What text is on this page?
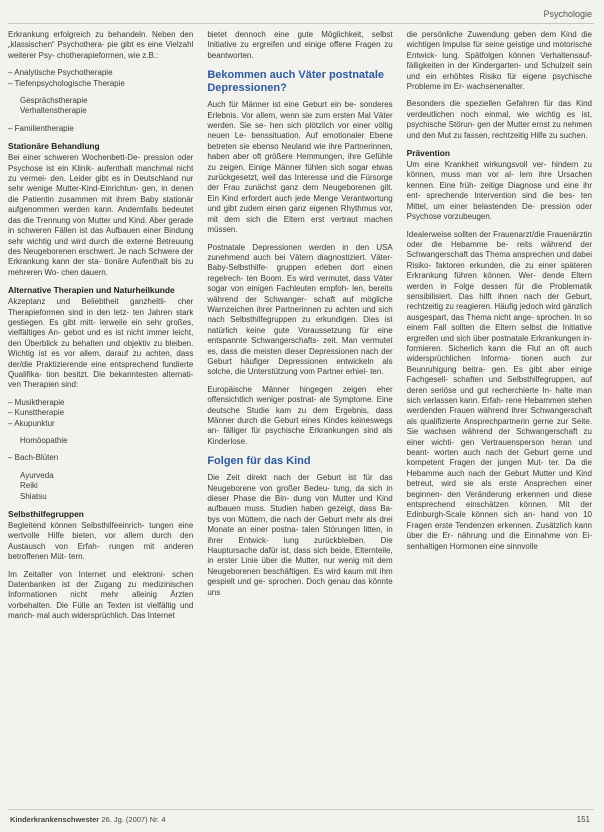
Psychologie

Erkrankung erfolgreich zu behandeln. Neben den „klassischen“ Psychothera- pie gibt es eine Vielzahl weiterer Psy- chotherapieformen, wie z.B.:

– Analytische Psychotherapie
– Tiefenpsychologische Therapie
Gesprächstherapie
Verhaltenstherapie
– Familientherapie
Stationäre Behandlung

Bei einer schweren Wochenbett-De- pression oder Psychose ist ein Klinik- aufenthalt manchmal nicht zu vermei- den. Leider gibt es in Deutschland nur sehr wenige Mutter-Kind-Einrichtun- gen, in denen die Patientin zusammen mit ihrem Baby stationär aufgenommen werden kann. Andernfalls bedeutet das die Trennung von Mutter und Kind. Aber gerade in schweren Fällen ist das Aufbauen einer Bindung sehr wichtig und wird durch die externe Betreuung des Neugeborenen erschwert. Je nach Schwere der Erkrankung kann der sta- tionäre Aufenthalt bis zu mehreren Wo- chen dauern.

Alternative Therapien und Naturheilkunde

Akzeptanz und Beliebtheit ganzheitli- cher Therapieformen sind in den letz- ten Jahren stark gestiegen. Es gibt mitt- lerweile ein sehr großes, vielfältiges An- gebot und es ist nicht immer leicht, den Überblick zu behalten und objektiv zu bleiben. Wichtig ist es vor allem, darauf zu achten, dass der/die Praktizierende eine entsprechend fundierte Qualifika- tion besitzt. Die bekanntesten alternati- ven Therapien sind:

– Musiktherapie
– Kunsttherapie
– Akupunktur
Homöopathie
– Bach-Blüten
Ayurveda
Reiki
Shiatsu
Selbsthilfegruppen

Begleitend können Selbsthilfeeinrich- tungen eine wertvolle Hilfe bieten, vor allem durch den Austausch von Erfah- rungen mit anderen betroffenen Müt- tern.

Im Zeitalter von Internet und elektroni- schen Datenbanken ist der Zugang zu medizinischen Informationen nicht mehr alleinig Ärzten vorbehalten. Die Fülle an Texten ist vielfältig und manch- mal auch widersprüchlich. Das Internet

bietet dennoch eine gute Möglichkeit, selbst Initiative zu ergreifen und einige offene Fragen zu beantworten.

Bekommen auch Väter postnatale Depressionen?

Auch für Männer ist eine Geburt ein be- sonderes Erlebnis. Vor allem, wenn sie zum ersten Mal Väter werden. Sie se- hen sich plötzlich vor einer völlig neuen Le- benssituation. Auf emotionaler Ebene betreten sie ebenso Neuland wie ihre Partnerinnen, haben aber oft größere Hemmungen, ihre Gefühle zu zeigen. Einige Männer fühlen sich sogar etwas zurückgesetzt, weil das Interesse und die Fürsorge der Frau zunächst ganz dem Neugeborenen gilt. Ein Kind erfordert auch jede Menge Verantwortung und gibt zudem einen ganz eigenen Rhythmus vor, mit dem sich die Eltern erst vertraut machen müssen.

Postnatale Depressionen werden in den USA zunehmend auch bei Vätern diagnostiziert. Väter-Baby-Selbsthilfe- gruppen erleben dort einen regelrech- ten Boom. Es wird vermutet, dass Väter sogar von einigen Fachleuten empfoh- len, bereits während der Schwanger- schaft auf mögliche Warnzeichen ihrer Partnerinnen zu achten und sich nach Selbsthilfegruppen zu erkundigen. Dies ist natürlich keine gute Voraussetzung für eine entspannte Schwangerschafts- zeit. Man vermutet es, dass die meisten dieser Depressionen nach der Geburt häufiger Depressionen entwickeln als solche, die Unterstützung vom Partner erhiel- ten.

Europäische Männer hingegen zeigen eher offensichtlich weniger postnat- ale Symptome. Eine deutsche Studie kam zu dem Ergebnis, dass Männer durch die Geburt eines Kindes keineswegs an- fälliger für psychische Erkrankungen sind als Kinderlose.

Folgen für das Kind

Die Zeit direkt nach der Geburt ist für das Neugeborene von großer Bedeu- tung, da sich in dieser Phase die Bin- dung von Mutter und Kind aufbauen muss. Studien haben gezeigt, dass Ba- bys von Müttern, die nach der Geburt mehr als drei Monate an einer postna- talen Störungen litten, in ihrer Entwick- lung zurückbleiben. Die Hauptursache dafür ist, dass sich beide, Elternteile, in erster Linie über die Mutter, nur wenig mit dem Neugeborenen beschäftigen. Es wird kaum mit ihm gespielt und ge- sprochen. Doch genau das könnte uns

die persönliche Zuwendung geben dem Kind die wichtigen Impulse für seine geistige und motorische Entwick- lung. Spätfolgen können Verhaltensauf- fälligkeiten in der Kindergarten- und Schulzeit sein und ein erhöhtes Risiko für eigene psychische Probleme im Er- wachsenenalter.

Besonders die speziellen Gefahren für das Kind verdeutlichen noch einmal, wie wichtig es ist, psychische Störun- gen der Mutter ernst zu nehmen und den Mut zu fassen, rechtzeitig Hilfe zu suchen.

Prävention

Um eine Krankheit wirkungsvoll ver- hindern zu können, muss man vor al- lem ihre Ursachen kennen. Eine früh- zeitige Diagnose und eine ihr ent- sprechende Intervention sind die bes- ten Mittel, um einer belastenden De- pression oder Psychose vorzubeugen.

Idealerweise sollten der Frauenarzt/die Frauenärztin oder die Hebamme be- reits während der Schwangerschaft das Thema ansprechen und dabei Risiko- faktoren erkunden, die zu einer späteren Erkrankung führen können. Wer- dende Eltern werden in Folge dessen für die Problematik sensibilisiert. Das hilft ihnen nach der Geburt, rechtzeitig zu reagieren. Häufig jedoch wird gänzlich ausgespart, das Thema nicht ange- sprochen. In so einem Fall sollten die Eltern selbst die Initiative ergreifen und sich über postnatale Erkrankungen in- formieren. Sicherlich kann die Flut an oft auch widersprüchlichen Informa- tionen auch zur Beunruhigung beitra- gen. Es gibt aber einige Fachgesell- schaften und Selbsthilfegruppen, auf deren seriöse und gut recherchierte In- halte man sich verlassen kann. Erfah- rene Hebammen stehen werdenden Frauen während ihrer Schwangerschaft als qualifizierte Ansprechpartnerin gerne zur Seite. Sie wachsen während der Schwangerschaft zu einer wichti- gen Vertrauensperson heran und beant- worten auch nach der Geburt gerne und kompetent Fragen der jungen Mut- ter. Da die Hebamme auch nach der Geburt Mutter und Kind betreut, wird sie als erste Ansprechen einer beginnen- den Veränderung erkennen und diese entsprechend einschätzen können. Mit der Edinburgh-Scale können sich an- hand von 10 Fragen erste Tendenzen erkennen. Zusätzlich kann über die Er- nährung und die Einnahme von Ei- senhaltigen Hormonen eine sinnvolle

Kinderkrankenschwester 26. Jg. (2007) Nr. 4	151
